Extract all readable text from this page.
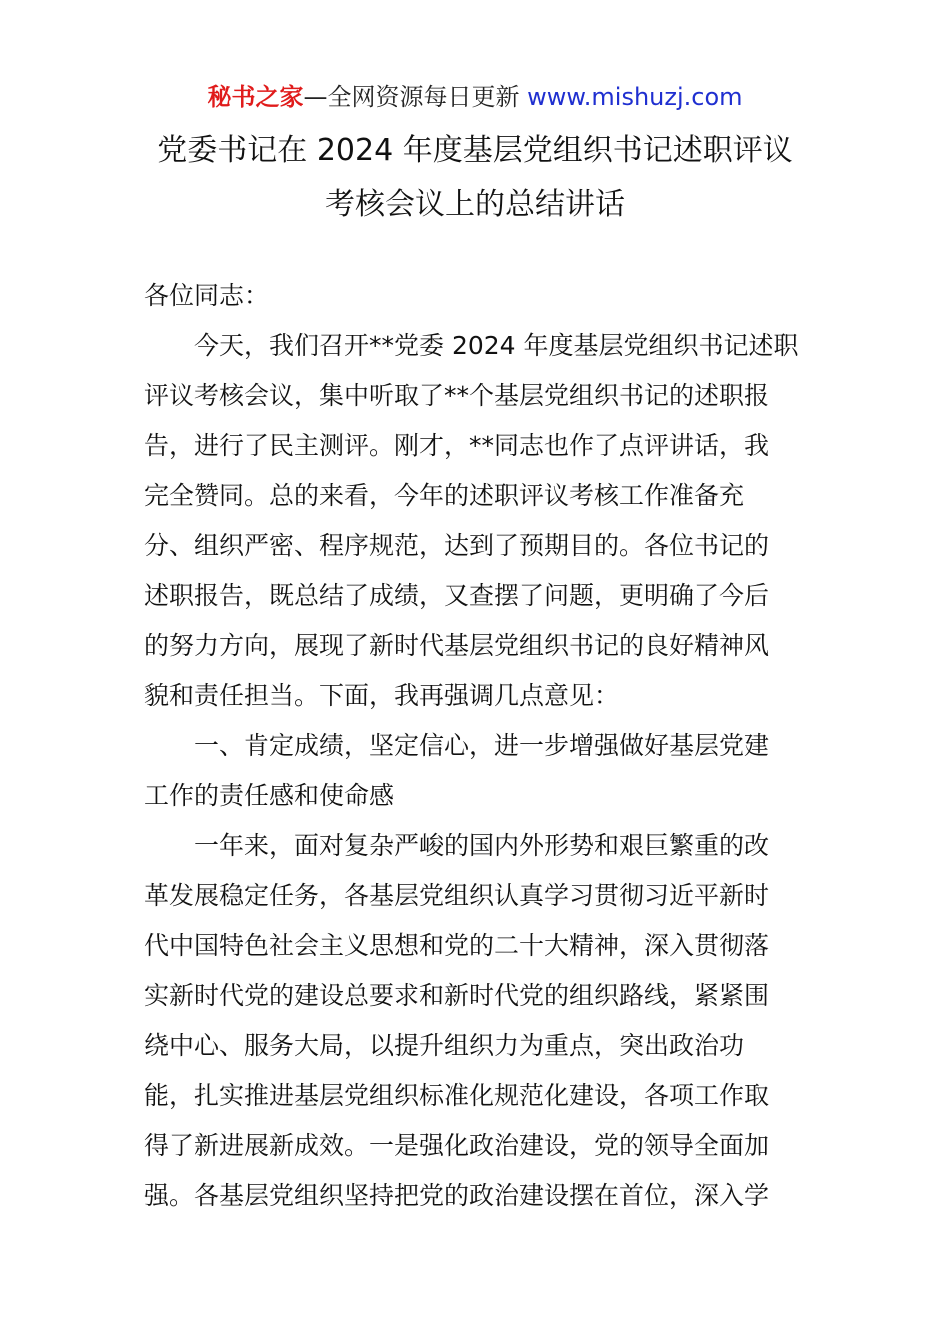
秘书之家—全网资源每日更新 www.mishuzj.com
党委书记在 2024 年度基层党组织书记述职评议
考核会议上的总结讲话
各位同志：
今天，我们召开**党委 2024 年度基层党组织书记述职
评议考核会议，集中听取了**个基层党组织书记的述职报
告，进行了民主测评。刚才，**同志也作了点评讲话，我
完全赞同。总的来看，今年的述职评议考核工作准备充
分、组织严密、程序规范，达到了预期目的。各位书记的
述职报告，既总结了成绩，又查摆了问题，更明确了今后
的努力方向，展现了新时代基层党组织书记的良好精神风
貌和责任担当。下面，我再强调几点意见：
一、肯定成绩，坚定信心，进一步增强做好基层党建
工作的责任感和使命感
一年来，面对复杂严峻的国内外形势和艰巨繁重的改
革发展稳定任务，各基层党组织认真学习贯彻习近平新时
代中国特色社会主义思想和党的二十大精神，深入贯彻落
实新时代党的建设总要求和新时代党的组织路线，紧紧围
绕中心、服务大局，以提升组织力为重点，突出政治功
能，扎实推进基层党组织标准化规范化建设，各项工作取
得了新进展新成效。一是强化政治建设，党的领导全面加
强。各基层党组织坚持把党的政治建设摆在首位，深入学
